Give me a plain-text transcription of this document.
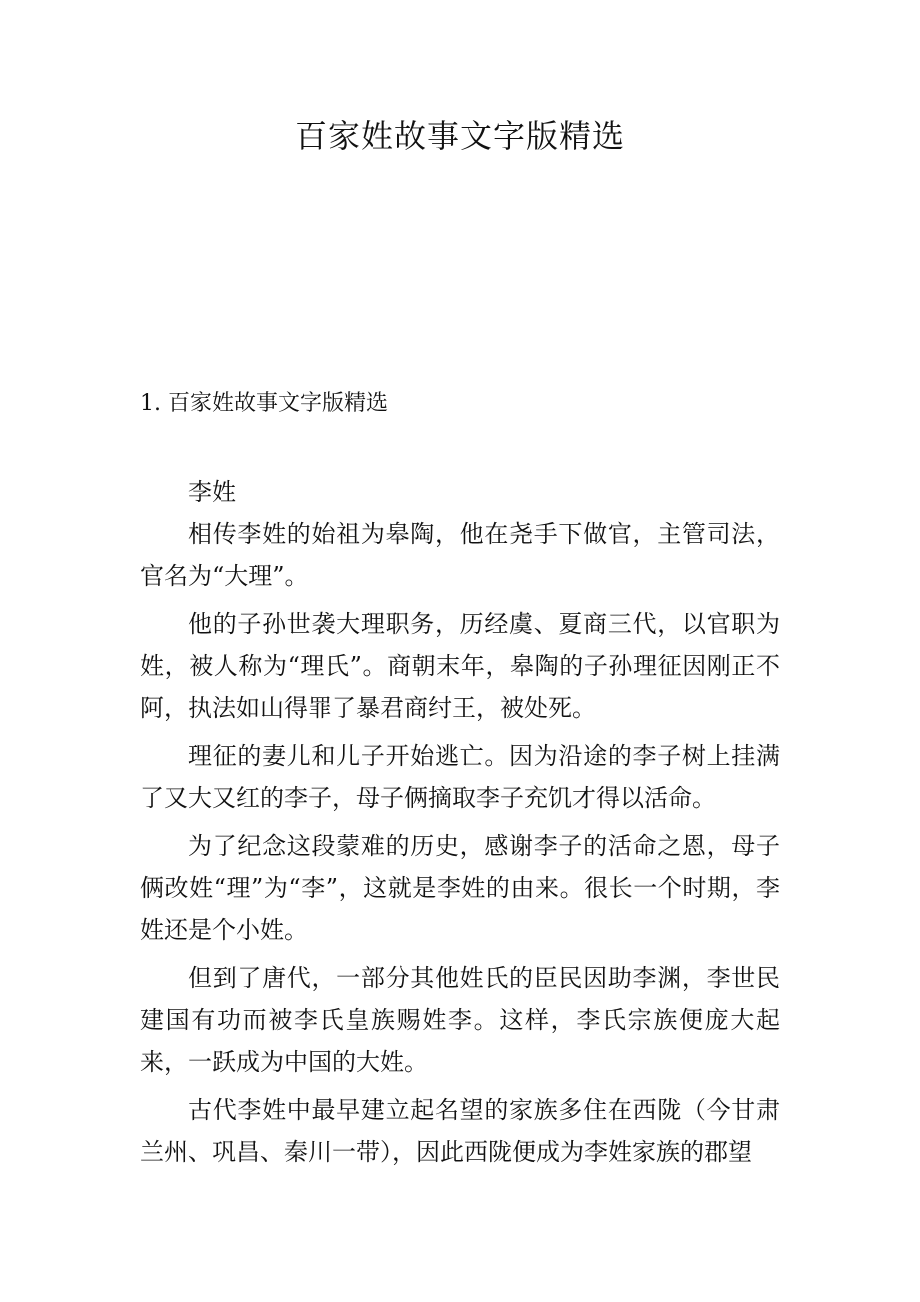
百家姓故事文字版精选
1. 百家姓故事文字版精选

李姓

相传李姓的始祖为皋陶，他在尧手下做官，主管司法，官名为“大理”。

他的子孙世袭大理职务，历经虞、夏商三代，以官职为姓，被人称为“理氏”。商朝末年，皋陶的子孙理征因刚正不阿，执法如山得罪了暴君商纣王，被处死。

理征的妻儿和儿子开始逃亡。因为沿途的李子树上挂满了又大又红的李子，母子俩摘取李子充饥才得以活命。

为了纪念这段蒙难的历史，感谢李子的活命之恩，母子俩改姓“理”为“李”，这就是李姓的由来。很长一个时期，李姓还是个小姓。

但到了唐代，一部分其他姓氏的臣民因助李渊，李世民建国有功而被李氏皇族赐姓李。这样，李氏宗族便庞大起来，一跃成为中国的大姓。

古代李姓中最早建立起名望的家族多住在西陇（今甘肃兰州、巩昌、秦川一带），因此西陇便成为李姓家族的郡望
